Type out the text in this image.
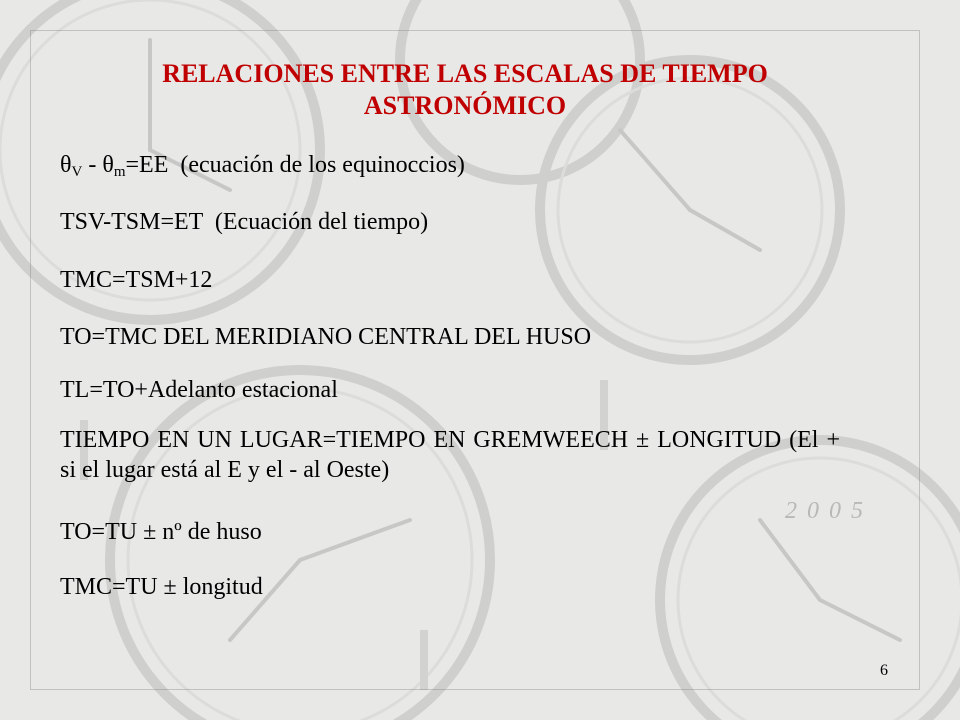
2005
RELACIONES ENTRE LAS ESCALAS DE TIEMPO ASTRONÓMICO

$\theta_V - \theta_m=EE$  (ecuación de los equinoccios)

TSV-TSM=ET  (Ecuación del tiempo)

TMC=TSM+12

TO=TMC DEL MERIDIANO CENTRAL DEL HUSO

TL=TO+Adelanto estacional

TIEMPO EN UN LUGAR=TIEMPO EN GREMWEECH ± LONGITUD (El + si el lugar está al E y el - al Oeste)

TO=TU ± nº de huso

TMC=TU ± longitud

6
